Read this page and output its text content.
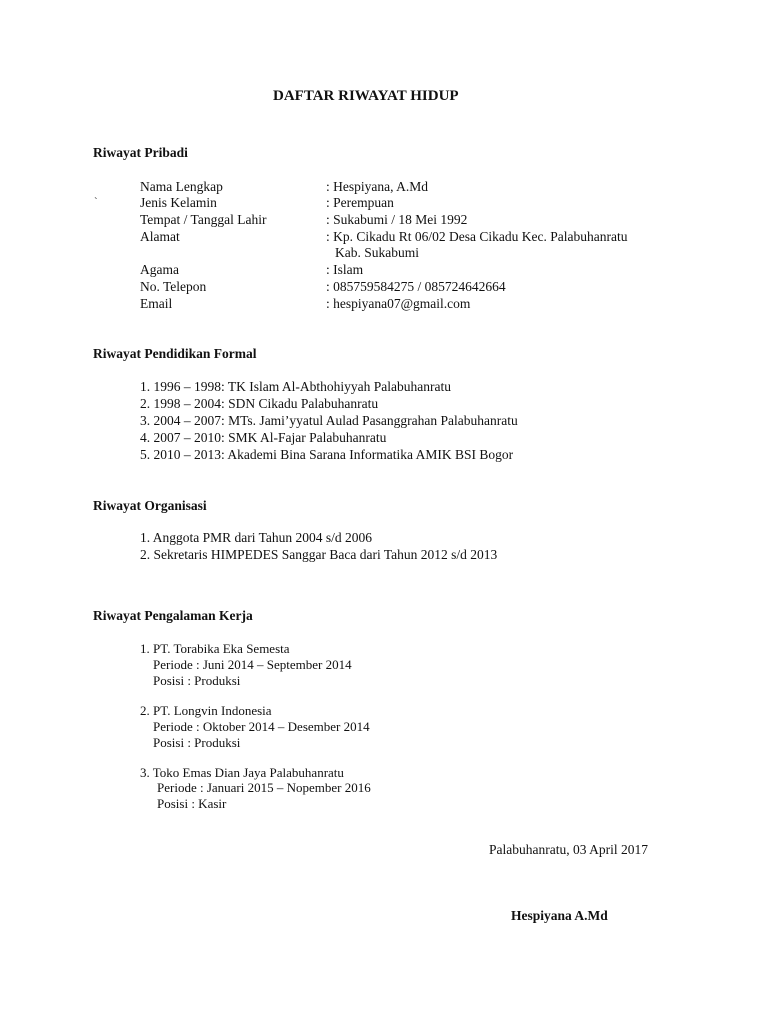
DAFTAR RIWAYAT HIDUP
Riwayat Pribadi
`
Nama Lengkap	: Hespiyana, A.Md
Jenis Kelamin	: Perempuan
Tempat / Tanggal Lahir	: Sukabumi / 18 Mei 1992
Alamat	: Kp. Cikadu Rt 06/02 Desa Cikadu Kec. Palabuhanratu
Kab. Sukabumi
Agama	: Islam
No. Telepon	: 085759584275 / 085724642664
Email	: hespiyana07@gmail.com
Riwayat Pendidikan Formal
1. 1996 – 1998: TK Islam Al-Abthohiyyah Palabuhanratu
2. 1998 – 2004: SDN Cikadu Palabuhanratu
3. 2004 – 2007: MTs. Jami’yyatul Aulad Pasanggrahan Palabuhanratu
4. 2007 – 2010: SMK Al-Fajar Palabuhanratu
5. 2010 – 2013: Akademi Bina Sarana Informatika AMIK BSI Bogor
Riwayat Organisasi
1. Anggota PMR dari Tahun 2004 s/d 2006
2. Sekretaris HIMPEDES Sanggar Baca dari Tahun 2012 s/d 2013
Riwayat Pengalaman Kerja
1. PT. Torabika Eka Semesta
Periode : Juni 2014 – September 2014
Posisi : Produksi
2. PT. Longvin Indonesia
Periode : Oktober 2014 – Desember 2014
Posisi : Produksi
3. Toko Emas Dian Jaya Palabuhanratu
Periode : Januari 2015 – Nopember 2016
Posisi : Kasir
Palabuhanratu, 03 April 2017
Hespiyana A.Md
